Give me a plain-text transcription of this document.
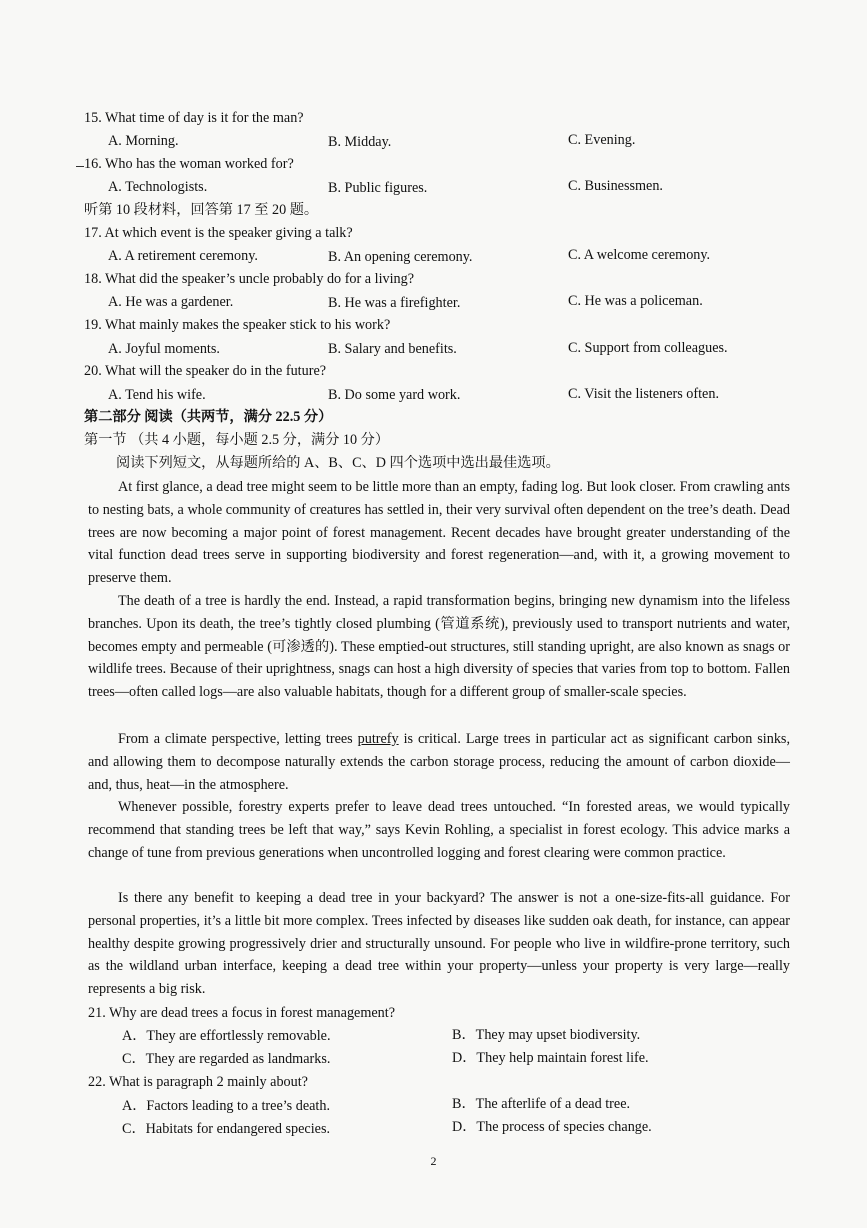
15. What time of day is it for the man?
A. Morning.	B. Midday.	C. Evening.
16. Who has the woman worked for?
A. Technologists.	B. Public figures.	C. Businessmen.
听第 10 段材料，回答第 17 至 20 题。
17. At which event is the speaker giving a talk?
A. A retirement ceremony.	B. An opening ceremony.	C. A welcome ceremony.
18. What did the speaker’s uncle probably do for a living?
A. He was a gardener.	B. He was a firefighter.	C. He was a policeman.
19. What mainly makes the speaker stick to his work?
A. Joyful moments.	B. Salary and benefits.	C. Support from colleagues.
20. What will the speaker do in the future?
A. Tend his wife.	B. Do some yard work.	C. Visit the listeners often.
第二部分 阅读（共两节，满分 22.5 分）
第一节 （共 4 小题，每小题 2.5 分，满分 10 分）
阅读下列短文，从每题所给的 A、B、C、D 四个选项中选出最佳选项。
At first glance, a dead tree might seem to be little more than an empty, fading log. But look closer. From crawling ants to nesting bats, a whole community of creatures has settled in, their very survival often dependent on the tree’s death. Dead trees are now becoming a major point of forest management. Recent decades have brought greater understanding of the vital function dead trees serve in supporting biodiversity and forest regeneration—and, with it, a growing movement to preserve them.
The death of a tree is hardly the end. Instead, a rapid transformation begins, bringing new dynamism into the lifeless branches. Upon its death, the tree’s tightly closed plumbing (管道系统), previously used to transport nutrients and water, becomes empty and permeable (可渗透的). These emptied-out structures, still standing upright, are also known as snags or wildlife trees. Because of their uprightness, snags can host a high diversity of species that varies from top to bottom. Fallen trees—often called logs—are also valuable habitats, though for a different group of smaller-scale species.
From a climate perspective, letting trees putrefy is critical. Large trees in particular act as significant carbon sinks, and allowing them to decompose naturally extends the carbon storage process, reducing the amount of carbon dioxide—and, thus, heat—in the atmosphere.
Whenever possible, forestry experts prefer to leave dead trees untouched. “In forested areas, we would typically recommend that standing trees be left that way,” says Kevin Rohling, a specialist in forest ecology. This advice marks a change of tune from previous generations when uncontrolled logging and forest clearing were common practice.
Is there any benefit to keeping a dead tree in your backyard? The answer is not a one-size-fits-all guidance. For personal properties, it’s a little bit more complex. Trees infected by diseases like sudden oak death, for instance, can appear healthy despite growing progressively drier and structurally unsound. For people who live in wildfire-prone territory, such as the wildland urban interface, keeping a dead tree within your property—unless your property is very large—really represents a big risk.
21. Why are dead trees a focus in forest management?
A．They are effortlessly removable.	B．They may upset biodiversity.
C．They are regarded as landmarks.	D．They help maintain forest life.
22. What is paragraph 2 mainly about?
A．Factors leading to a tree’s death.	B．The afterlife of a dead tree.
C．Habitats for endangered species.	D．The process of species change.
2
